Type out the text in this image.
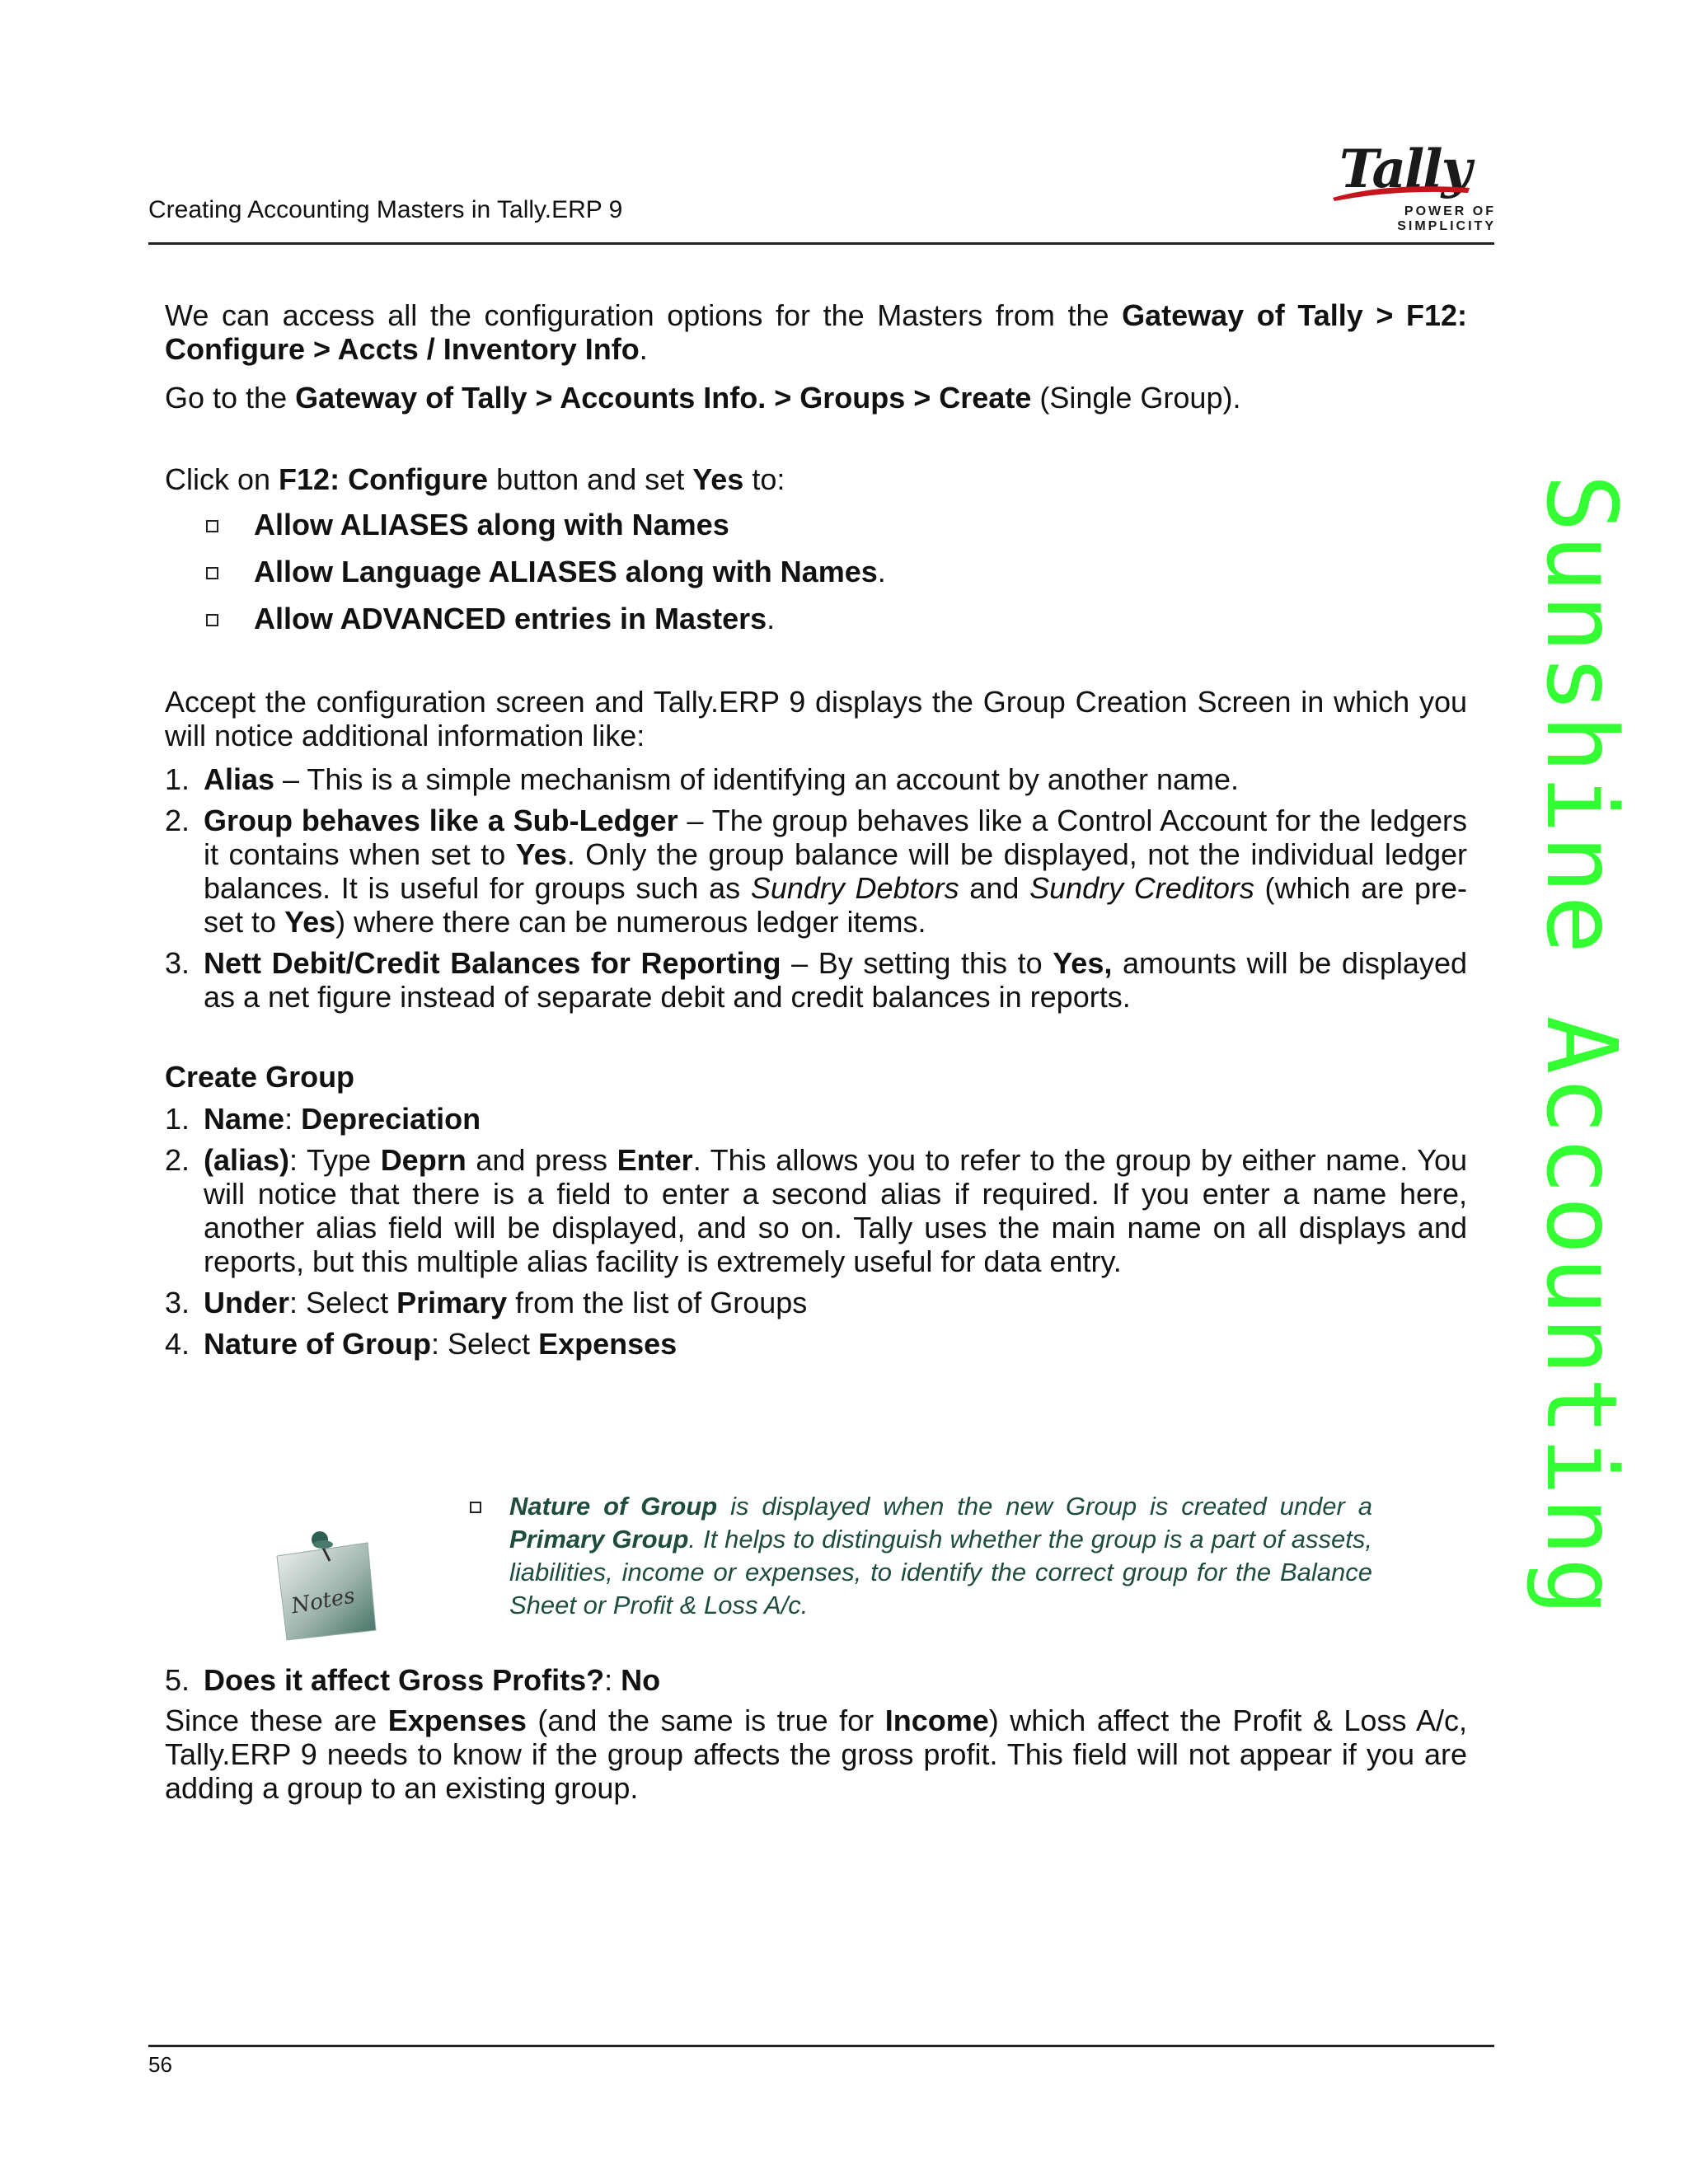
Creating Accounting Masters in Tally.ERP 9
Tally
POWER OF SIMPLICITY
Sunshine Accounting

We can access all the configuration options for the Masters from the Gateway of Tally > F12: Configure > Accts / Inventory Info.

Go to the Gateway of Tally > Accounts Info. > Groups > Create (Single Group).

Click on F12: Configure button and set Yes to:

Allow ALIASES along with Names
Allow Language ALIASES along with Names.
Allow ADVANCED entries in Masters.

Accept the configuration screen and Tally.ERP 9 displays the Group Creation Screen in which you will notice additional information like:

1. Alias – This is a simple mechanism of identifying an account by another name.
2. Group behaves like a Sub-Ledger – The group behaves like a Control Account for the ledgers it contains when set to Yes. Only the group balance will be displayed, not the individual ledger balances. It is useful for groups such as Sundry Debtors and Sundry Creditors (which are pre-set to Yes) where there can be numerous ledger items.
3. Nett Debit/Credit Balances for Reporting – By setting this to Yes, amounts will be displayed as a net figure instead of separate debit and credit balances in reports.

Create Group

1. Name: Depreciation
2. (alias): Type Deprn and press Enter. This allows you to refer to the group by either name. You will notice that there is a field to enter a second alias if required. If you enter a name here, another alias field will be displayed, and so on. Tally uses the main name on all displays and reports, but this multiple alias facility is extremely useful for data entry.
3. Under: Select Primary from the list of Groups
4. Nature of Group: Select Expenses
Notes
Nature of Group is displayed when the new Group is created under a Primary Group. It helps to distinguish whether the group is a part of assets, liabilities, income or expenses, to identify the correct group for the Balance Sheet or Profit & Loss A/c.
5. Does it affect Gross Profits?: No

Since these are Expenses (and the same is true for Income) which affect the Profit & Loss A/c, Tally.ERP 9 needs to know if the group affects the gross profit. This field will not appear if you are adding a group to an existing group.

56
